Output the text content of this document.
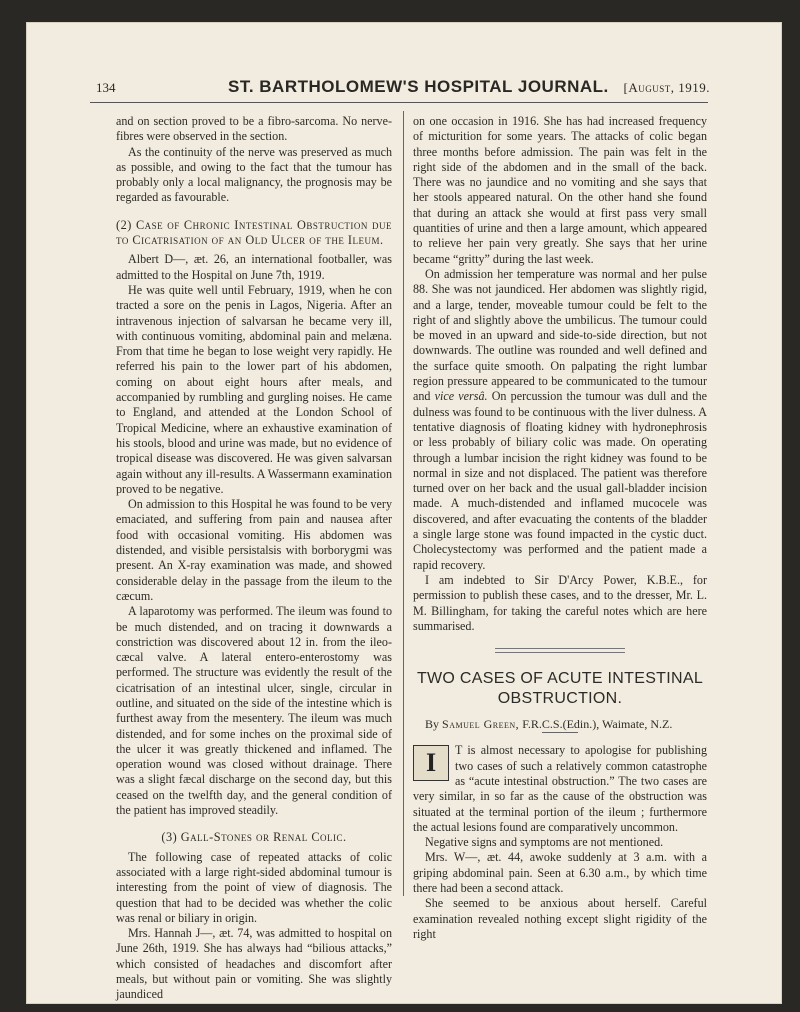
134	ST. BARTHOLOMEW'S HOSPITAL JOURNAL. [August, 1919.

and on section proved to be a fibro-sarcoma. No nerve-fibres were observed in the section.

As the continuity of the nerve was preserved as much as possible, and owing to the fact that the tumour has probably only a local malignancy, the prognosis may be regarded as favourable.

(2) Case of Chronic Intestinal Obstruction due to Cicatrisation of an Old Ulcer of the Ileum.

Albert D—, æt. 26, an international footballer, was admitted to the Hospital on June 7th, 1919.

He was quite well until February, 1919, when he con tracted a sore on the penis in Lagos, Nigeria. After an intravenous injection of salvarsan he became very ill, with continuous vomiting, abdominal pain and melæna. From that time he began to lose weight very rapidly. He referred his pain to the lower part of his abdomen, coming on about eight hours after meals, and accompanied by rumbling and gurgling noises. He came to England, and attended at the London School of Tropical Medicine, where an exhaustive examination of his stools, blood and urine was made, but no evidence of tropical disease was discovered. He was given salvarsan again without any ill-results. A Wassermann examination proved to be negative.

On admission to this Hospital he was found to be very emaciated, and suffering from pain and nausea after food with occasional vomiting. His abdomen was distended, and visible persistalsis with borborygmi was present. An X-ray examination was made, and showed considerable delay in the passage from the ileum to the cæcum.

A laparotomy was performed. The ileum was found to be much distended, and on tracing it downwards a constriction was discovered about 12 in. from the ileo-cæcal valve. A lateral entero-enterostomy was performed. The structure was evidently the result of the cicatrisation of an intestinal ulcer, single, circular in outline, and situated on the side of the intestine which is furthest away from the mesentery. The ileum was much distended, and for some inches on the proximal side of the ulcer it was greatly thickened and inflamed. The operation wound was closed without drainage. There was a slight fæcal discharge on the second day, but this ceased on the twelfth day, and the general condition of the patient has improved steadily.

(3) Gall-Stones or Renal Colic.

The following case of repeated attacks of colic associated with a large right-sided abdominal tumour is interesting from the point of view of diagnosis. The question that had to be decided was whether the colic was renal or biliary in origin.

Mrs. Hannah J—, æt. 74, was admitted to hospital on June 26th, 1919. She has always had “bilious attacks,” which consisted of headaches and discomfort after meals, but without pain or vomiting. She was slightly jaundiced

on one occasion in 1916. She has had increased frequency of micturition for some years. The attacks of colic began three months before admission. The pain was felt in the right side of the abdomen and in the small of the back. There was no jaundice and no vomiting and she says that her stools appeared natural. On the other hand she found that during an attack she would at first pass very small quantities of urine and then a large amount, which appeared to relieve her pain very greatly. She says that her urine became “gritty” during the last week.

On admission her temperature was normal and her pulse 88. She was not jaundiced. Her abdomen was slightly rigid, and a large, tender, moveable tumour could be felt to the right of and slightly above the umbilicus. The tumour could be moved in an upward and side-to-side direction, but not downwards. The outline was rounded and well defined and the surface quite smooth. On palpating the right lumbar region pressure appeared to be communicated to the tumour and vice versâ. On percussion the tumour was dull and the dulness was found to be continuous with the liver dulness. A tentative diagnosis of floating kidney with hydronephrosis or less probably of biliary colic was made. On operating through a lumbar incision the right kidney was found to be normal in size and not displaced. The patient was therefore turned over on her back and the usual gall-bladder incision made. A much-distended and inflamed mucocele was discovered, and after evacuating the contents of the bladder a single large stone was found impacted in the cystic duct. Cholecystectomy was performed and the patient made a rapid recovery.

I am indebted to Sir D'Arcy Power, K.B.E., for permission to publish these cases, and to the dresser, Mr. L. M. Billingham, for taking the careful notes which are here summarised.

TWO CASES OF ACUTE INTESTINAL OBSTRUCTION.

By Samuel Green, F.R.C.S.(Edin.), Waimate, N.Z.

I	T is almost necessary to apologise for publishing two cases of such a relatively common catastrophe as “acute intestinal obstruction.” The two cases are very similar, in so far as the cause of the obstruction was situated at the terminal portion of the ileum ; furthermore the actual lesions found are comparatively uncommon.

Negative signs and symptoms are not mentioned.

Mrs. W—, æt. 44, awoke suddenly at 3 a.m. with a griping abdominal pain. Seen at 6.30 a.m., by which time there had been a second attack.

She seemed to be anxious about herself. Careful examination revealed nothing except slight rigidity of the right
